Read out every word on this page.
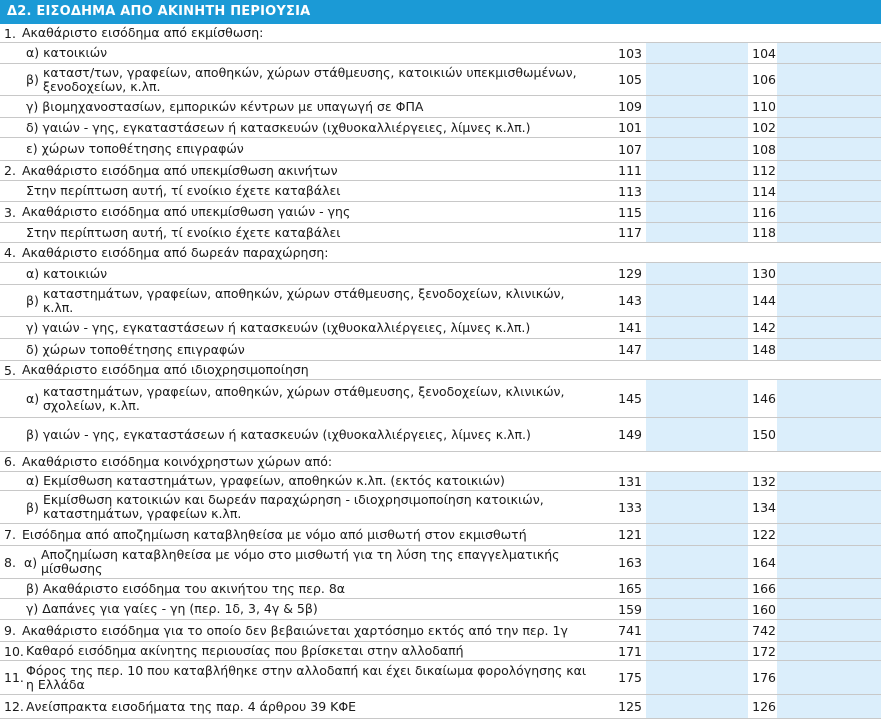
Δ2. ΕΙΣΟΔΗΜΑ ΑΠΟ ΑΚΙΝΗΤΗ ΠΕΡΙΟΥΣΙΑ
1. Ακαθάριστο εισόδημα από εκμίσθωση:
α) κατοικιών	103	104
β) καταστ/των, γραφείων, αποθηκών, χώρων στάθμευσης, κατοικιών υπεκμισθωμένων, ξενοδοχείων, κ.λπ.	105	106
γ) βιομηχανοστασίων, εμπορικών κέντρων με υπαγωγή σε ΦΠΑ	109	110
δ) γαιών - γης, εγκαταστάσεων ή κατασκευών (ιχθυοκαλλιέργειες, λίμνες κ.λπ.)	101	102
ε) χώρων τοποθέτησης επιγραφών	107	108
2. Ακαθάριστο εισόδημα από υπεκμίσθωση ακινήτων	111	112
Στην περίπτωση αυτή, τί ενοίκιο έχετε καταβάλει	113	114
3. Ακαθάριστο εισόδημα από υπεκμίσθωση γαιών - γης	115	116
Στην περίπτωση αυτή, τί ενοίκιο έχετε καταβάλει	117	118
4. Ακαθάριστο εισόδημα από δωρεάν παραχώρηση:
α) κατοικιών	129	130
β) καταστημάτων, γραφείων, αποθηκών, χώρων στάθμευσης, ξενοδοχείων, κλινικών, κ.λπ.	143	144
γ) γαιών - γης, εγκαταστάσεων ή κατασκευών (ιχθυοκαλλιέργειες, λίμνες κ.λπ.)	141	142
δ) χώρων τοποθέτησης επιγραφών	147	148
5. Ακαθάριστο εισόδημα από ιδιοχρησιμοποίηση
α) καταστημάτων, γραφείων, αποθηκών, χώρων στάθμευσης, ξενοδοχείων, κλινικών, σχολείων, κ.λπ.	145	146
β) γαιών - γης, εγκαταστάσεων ή κατασκευών (ιχθυοκαλλιέργειες, λίμνες κ.λπ.)	149	150
6. Ακαθάριστο εισόδημα κοινόχρηστων χώρων από:
α) Εκμίσθωση καταστημάτων, γραφείων, αποθηκών κ.λπ. (εκτός κατοικιών)	131	132
β) Εκμίσθωση κατοικιών και δωρεάν παραχώρηση - ιδιοχρησιμοποίηση κατοικιών, καταστημάτων, γραφείων κ.λπ.	133	134
7. Εισόδημα από αποζημίωση καταβληθείσα με νόμο από μισθωτή στον εκμισθωτή	121	122
8. α) Αποζημίωση καταβληθείσα με νόμο στο μισθωτή για τη λύση της επαγγελματικής μίσθωσης	163	164
β) Ακαθάριστο εισόδημα του ακινήτου της περ. 8α	165	166
γ) Δαπάνες για γαίες - γη (περ. 1δ, 3, 4γ & 5β)	159	160
9. Ακαθάριστο εισόδημα για το οποίο δεν βεβαιώνεται χαρτόσημο εκτός από την περ. 1γ	741	742
10. Καθαρό εισόδημα ακίνητης περιουσίας που βρίσκεται στην αλλοδαπή	171	172
11. Φόρος της περ. 10 που καταβλήθηκε στην αλλοδαπή και έχει δικαίωμα φορολόγησης και η Ελλάδα	175	176
12. Ανείσπρακτα εισοδήματα της παρ. 4 άρθρου 39 ΚΦΕ	125	126
